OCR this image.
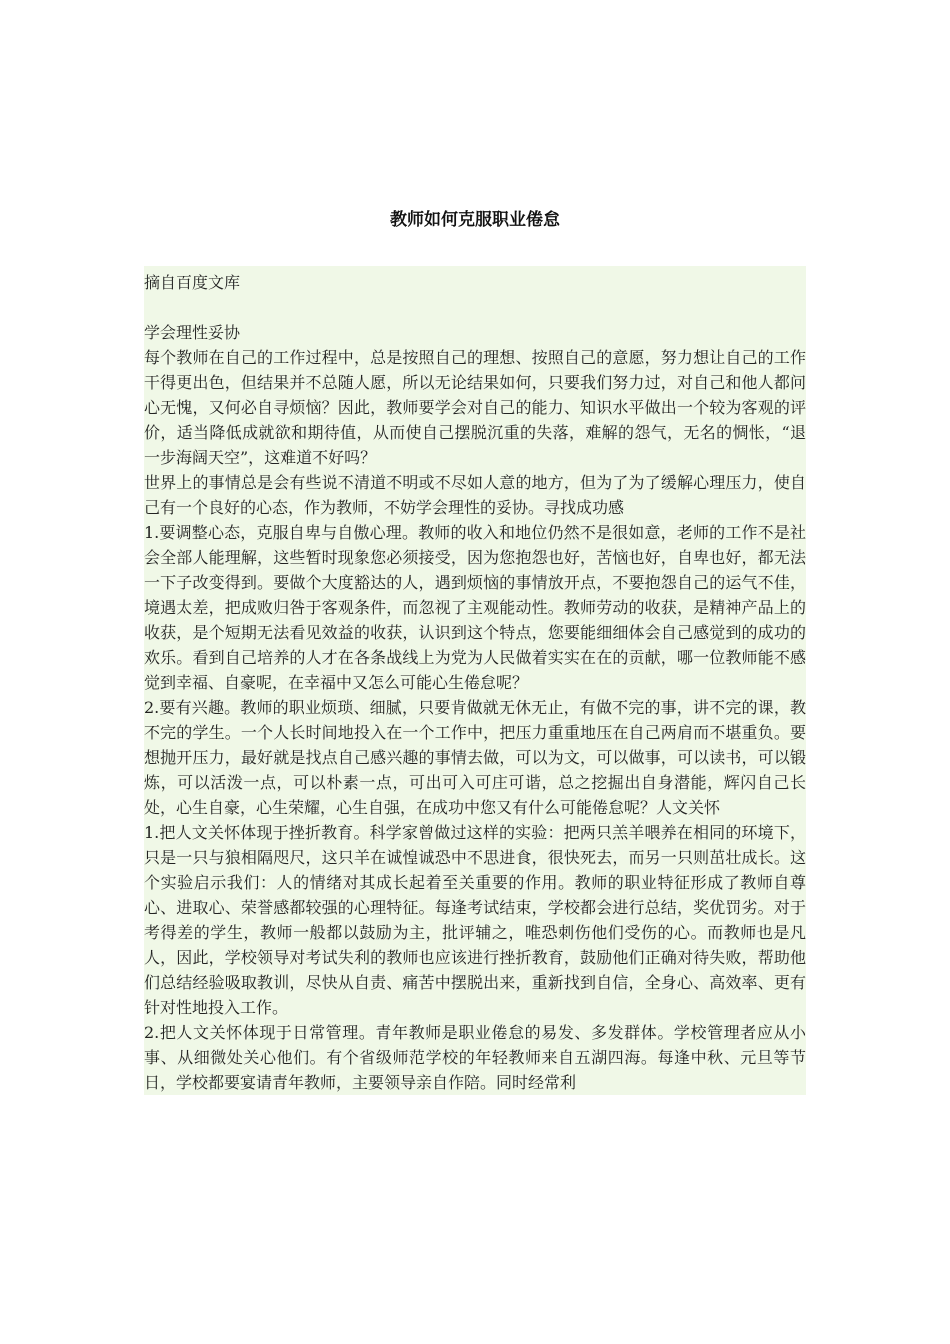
教师如何克服职业倦怠

摘自百度文库

学会理性妥协

每个教师在自己的工作过程中，总是按照自己的理想、按照自己的意愿，努力想让自己的工作干得更出色，但结果并不总随人愿，所以无论结果如何，只要我们努力过，对自己和他人都问心无愧，又何必自寻烦恼？因此，教师要学会对自己的能力、知识水平做出一个较为客观的评价，适当降低成就欲和期待值，从而使自己摆脱沉重的失落，难解的怨气，无名的惆怅，“退一步海阔天空”，这难道不好吗？

世界上的事情总是会有些说不清道不明或不尽如人意的地方，但为了为了缓解心理压力，使自己有一个良好的心态，作为教师，不妨学会理性的妥协。寻找成功感

1.要调整心态，克服自卑与自傲心理。教师的收入和地位仍然不是很如意，老师的工作不是社会全部人能理解，这些暂时现象您必须接受，因为您抱怨也好，苦恼也好，自卑也好，都无法一下子改变得到。要做个大度豁达的人，遇到烦恼的事情放开点，不要抱怨自己的运气不佳，境遇太差，把成败归咎于客观条件，而忽视了主观能动性。教师劳动的收获，是精神产品上的收获，是个短期无法看见效益的收获，认识到这个特点，您要能细细体会自己感觉到的成功的欢乐。看到自己培养的人才在各条战线上为党为人民做着实实在在的贡献，哪一位教师能不感觉到幸福、自豪呢，在幸福中又怎么可能心生倦怠呢？

2.要有兴趣。教师的职业烦琐、细腻，只要肯做就无休无止，有做不完的事，讲不完的课，教不完的学生。一个人长时间地投入在一个工作中，把压力重重地压在自己两肩而不堪重负。要想抛开压力，最好就是找点自己感兴趣的事情去做，可以为文，可以做事，可以读书，可以锻炼，可以活泼一点，可以朴素一点，可出可入可庄可谐，总之挖掘出自身潜能，辉闪自己长处，心生自豪，心生荣耀，心生自强，在成功中您又有什么可能倦怠呢？人文关怀

1.把人文关怀体现于挫折教育。科学家曾做过这样的实验：把两只羔羊喂养在相同的环境下，只是一只与狼相隔咫尺，这只羊在诚惶诚恐中不思进食，很快死去，而另一只则茁壮成长。这个实验启示我们：人的情绪对其成长起着至关重要的作用。教师的职业特征形成了教师自尊心、进取心、荣誉感都较强的心理特征。每逢考试结束，学校都会进行总结，奖优罚劣。对于考得差的学生，教师一般都以鼓励为主，批评辅之，唯恐刺伤他们受伤的心。而教师也是凡人，因此，学校领导对考试失利的教师也应该进行挫折教育，鼓励他们正确对待失败，帮助他们总结经验吸取教训，尽快从自责、痛苦中摆脱出来，重新找到自信，全身心、高效率、更有针对性地投入工作。

2.把人文关怀体现于日常管理。青年教师是职业倦怠的易发、多发群体。学校管理者应从小事、从细微处关心他们。有个省级师范学校的年轻教师来自五湖四海。每逢中秋、元旦等节日，学校都要宴请青年教师，主要领导亲自作陪。同时经常利
